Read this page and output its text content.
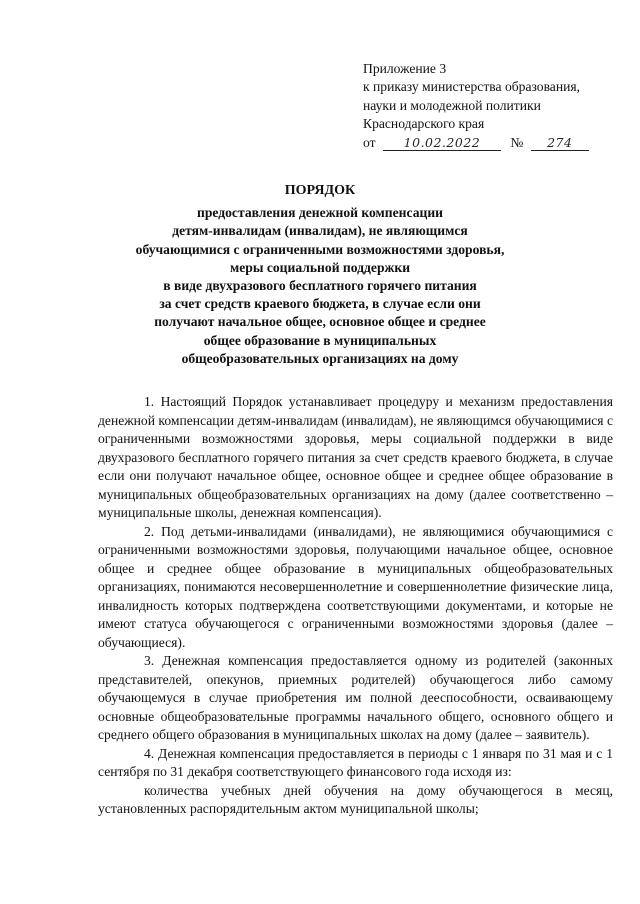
Приложение 3
к приказу министерства образования,
науки и молодежной политики
Краснодарского края
от 10.02.2022 № 274
ПОРЯДОК
предоставления денежной компенсации
детям-инвалидам (инвалидам), не являющимся
обучающимися с ограниченными возможностями здоровья,
меры социальной поддержки
в виде двухразового бесплатного горячего питания
за счет средств краевого бюджета, в случае если они
получают начальное общее, основное общее и среднее
общее образование в муниципальных
общеобразовательных организациях на дому

1. Настоящий Порядок устанавливает процедуру и механизм предоставления денежной компенсации детям-инвалидам (инвалидам), не являющимся обучающимися с ограниченными возможностями здоровья, меры социальной поддержки в виде двухразового бесплатного горячего питания за счет средств краевого бюджета, в случае если они получают начальное общее, основное общее и среднее общее образование в муниципальных общеобразовательных организациях на дому (далее соответственно – муниципальные школы, денежная компенсация).

2. Под детьми-инвалидами (инвалидами), не являющимися обучающимися с ограниченными возможностями здоровья, получающими начальное общее, основное общее и среднее общее образование в муниципальных общеобразовательных организациях, понимаются несовершеннолетние и совершеннолетние физические лица, инвалидность которых подтверждена соответствующими документами, и которые не имеют статуса обучающегося с ограниченными возможностями здоровья (далее – обучающиеся).

3. Денежная компенсация предоставляется одному из родителей (законных представителей, опекунов, приемных родителей) обучающегося либо самому обучающемуся в случае приобретения им полной дееспособности, осваивающему основные общеобразовательные программы начального общего, основного общего и среднего общего образования в муниципальных школах на дому (далее – заявитель).

4. Денежная компенсация предоставляется в периоды с 1 января по 31 мая и с 1 сентября по 31 декабря соответствующего финансового года исходя из:

количества учебных дней обучения на дому обучающегося в месяц, установленных распорядительным актом муниципальной школы;
